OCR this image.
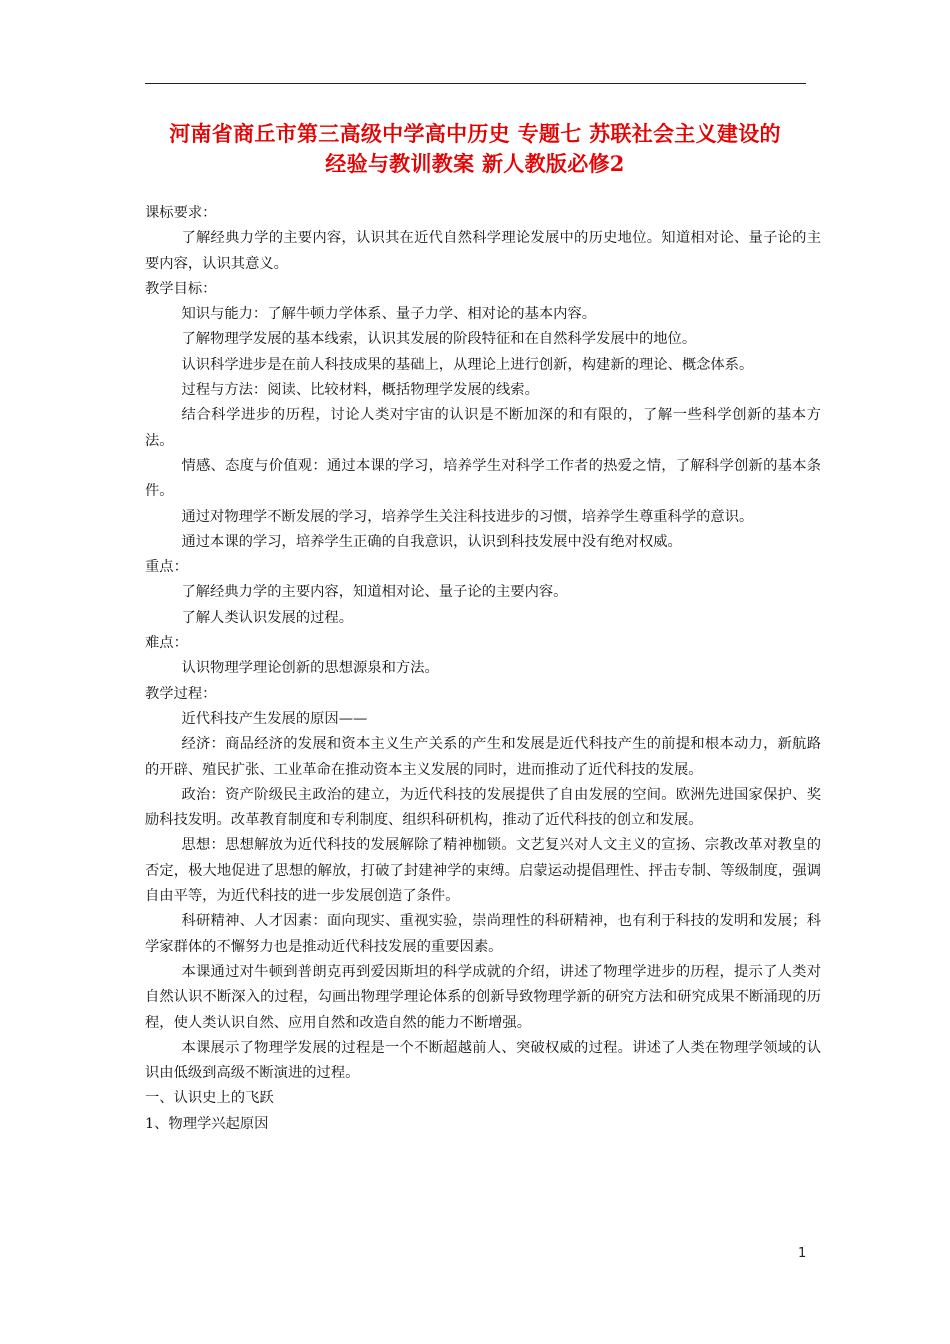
河南省商丘市第三高级中学高中历史 专题七 苏联社会主义建设的
经验与教训教案 新人教版必修2

课标要求：

了解经典力学的主要内容，认识其在近代自然科学理论发展中的历史地位。知道相对论、量子论的主要内容，认识其意义。

教学目标：

知识与能力：了解牛顿力学体系、量子力学、相对论的基本内容。

了解物理学发展的基本线索，认识其发展的阶段特征和在自然科学发展中的地位。

认识科学进步是在前人科技成果的基础上，从理论上进行创新，构建新的理论、概念体系。

过程与方法：阅读、比较材料，概括物理学发展的线索。

结合科学进步的历程，讨论人类对宇宙的认识是不断加深的和有限的，了解一些科学创新的基本方法。

情感、态度与价值观：通过本课的学习，培养学生对科学工作者的热爱之情，了解科学创新的基本条件。

通过对物理学不断发展的学习，培养学生关注科技进步的习惯，培养学生尊重科学的意识。

通过本课的学习，培养学生正确的自我意识，认识到科技发展中没有绝对权威。

重点：

了解经典力学的主要内容，知道相对论、量子论的主要内容。

了解人类认识发展的过程。

难点：

认识物理学理论创新的思想源泉和方法。

教学过程：

近代科技产生发展的原因——

经济：商品经济的发展和资本主义生产关系的产生和发展是近代科技产生的前提和根本动力，新航路的开辟、殖民扩张、工业革命在推动资本主义发展的同时，进而推动了近代科技的发展。

政治：资产阶级民主政治的建立，为近代科技的发展提供了自由发展的空间。欧洲先进国家保护、奖励科技发明。改革教育制度和专利制度、组织科研机构，推动了近代科技的创立和发展。

思想：思想解放为近代科技的发展解除了精神枷锁。文艺复兴对人文主义的宣扬、宗教改革对教皇的否定，极大地促进了思想的解放，打破了封建神学的束缚。启蒙运动提倡理性、抨击专制、等级制度，强调自由平等，为近代科技的进一步发展创造了条件。

科研精神、人才因素：面向现实、重视实验，崇尚理性的科研精神，也有利于科技的发明和发展；科学家群体的不懈努力也是推动近代科技发展的重要因素。

本课通过对牛顿到普朗克再到爱因斯坦的科学成就的介绍，讲述了物理学进步的历程，提示了人类对自然认识不断深入的过程，勾画出物理学理论体系的创新导致物理学新的研究方法和研究成果不断涌现的历程，使人类认识自然、应用自然和改造自然的能力不断增强。

本课展示了物理学发展的过程是一个不断超越前人、突破权威的过程。讲述了人类在物理学领域的认识由低级到高级不断演进的过程。

一、认识史上的飞跃

1、物理学兴起原因

1
